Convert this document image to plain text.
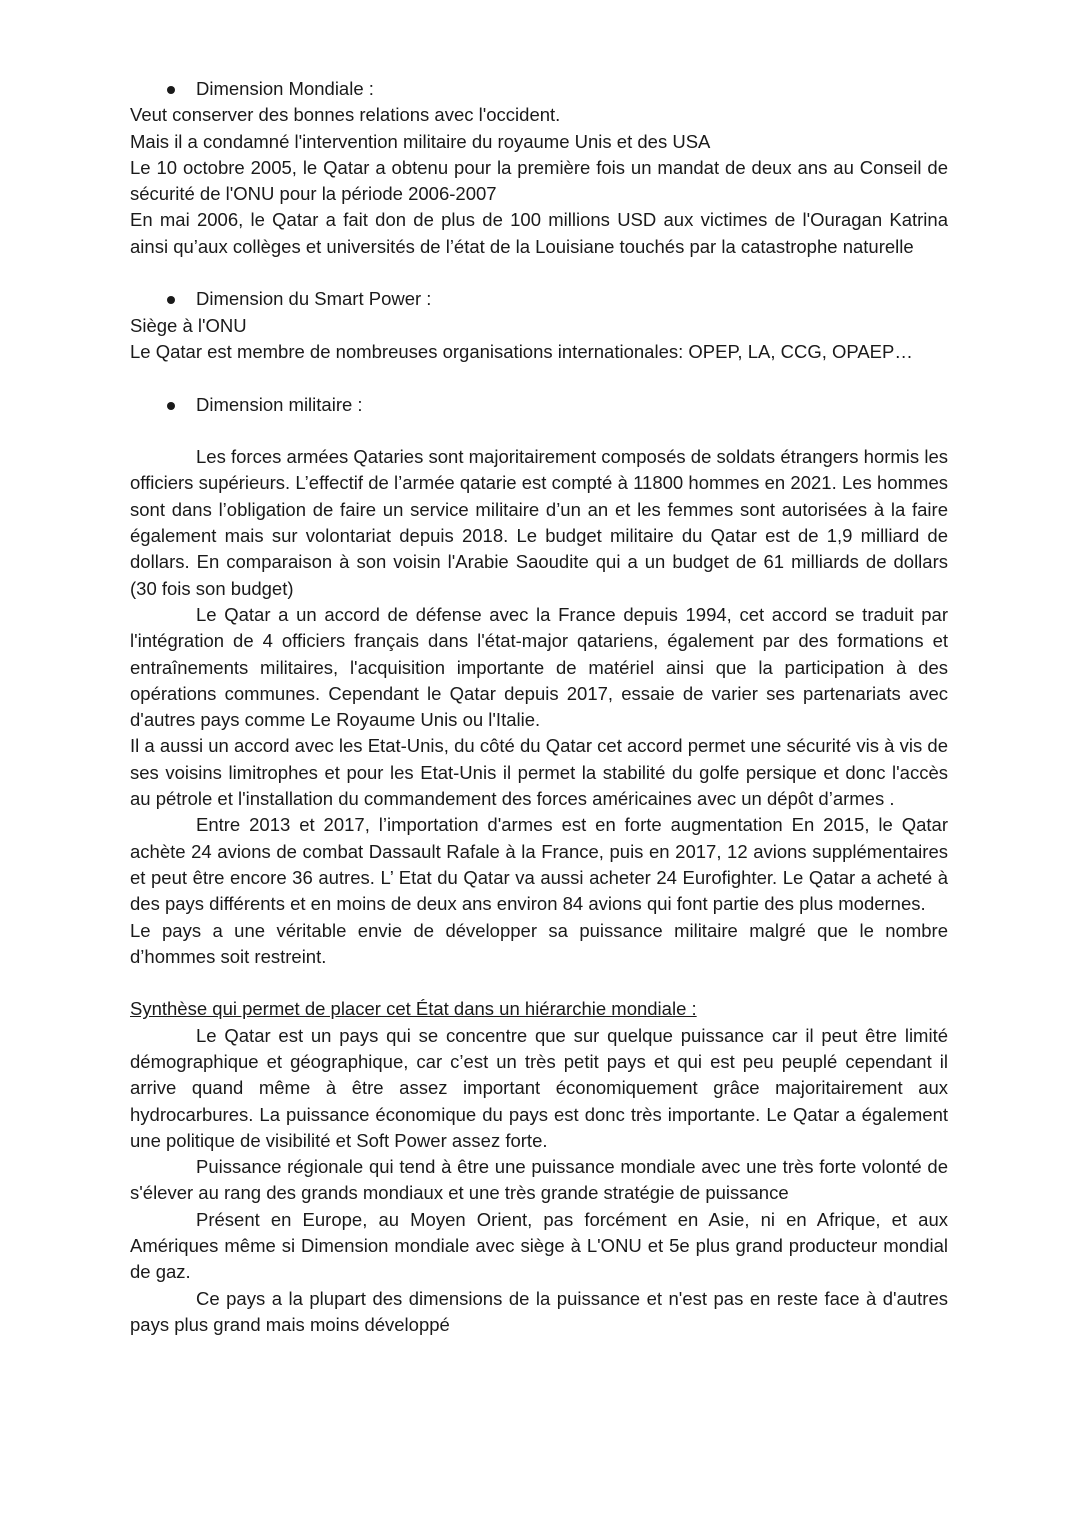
Dimension Mondiale :

Veut conserver des bonnes relations avec l'occident.

Mais il a condamné l'intervention militaire du royaume Unis et des USA

Le 10 octobre 2005, le Qatar a obtenu pour la première fois un mandat de deux ans au Conseil de sécurité de l'ONU pour la période 2006-2007

En mai 2006, le Qatar a fait don de plus de 100 millions USD aux victimes de l'Ouragan Katrina ainsi qu’aux collèges et universités de l’état de la Louisiane touchés par la catastrophe naturelle

Dimension du Smart Power :

Siège à l'ONU

Le Qatar est membre de nombreuses organisations internationales: OPEP, LA, CCG, OPAEP…

Dimension militaire :

Les forces armées Qataries sont majoritairement composés de soldats étrangers hormis les officiers supérieurs. L’effectif de l’armée qatarie est compté à 11800 hommes en 2021. Les hommes sont dans l’obligation de faire un service militaire d’un an et les femmes sont autorisées à la faire également mais sur volontariat depuis 2018. Le budget militaire du Qatar est de 1,9 milliard de dollars. En comparaison à son voisin l'Arabie Saoudite qui a un budget de 61 milliards de dollars (30 fois son budget)

Le Qatar a un accord de défense avec la France depuis 1994, cet accord se traduit par l'intégration de 4 officiers français dans l'état-major qatariens, également par des formations et entraînements militaires, l'acquisition importante de matériel ainsi que la participation à des opérations communes. Cependant le Qatar depuis 2017, essaie de varier ses partenariats avec d'autres pays comme Le Royaume Unis ou l'Italie.

Il a aussi un accord avec les Etat-Unis, du côté du Qatar cet accord permet une sécurité vis à vis de ses voisins limitrophes et pour les Etat-Unis il permet la stabilité du golfe persique et donc l'accès au pétrole et l'installation du commandement des forces américaines avec un dépôt d’armes .

Entre 2013 et 2017, l’importation d'armes est en forte augmentation En 2015, le Qatar achète 24 avions de combat Dassault Rafale à la France, puis en 2017, 12 avions supplémentaires et peut être encore 36 autres. L’ Etat du Qatar va aussi acheter 24 Eurofighter. Le Qatar a acheté à des pays différents et en moins de deux ans environ 84 avions qui font partie des plus modernes.

Le pays a une véritable envie de développer sa puissance militaire malgré que le nombre d’hommes soit restreint.

Synthèse qui permet de placer cet État dans un hiérarchie mondiale :

Le Qatar est un pays qui se concentre que sur quelque puissance car il peut être limité démographique et géographique, car c’est un très petit pays et qui est peu peuplé cependant il arrive quand même à être assez important économiquement grâce majoritairement aux hydrocarbures. La puissance économique du pays est donc très importante. Le Qatar a également une politique de visibilité et Soft Power assez forte.

Puissance régionale qui tend à être une puissance mondiale avec une très forte volonté de s'élever au rang des grands mondiaux et une très grande stratégie de puissance

Présent en Europe, au Moyen Orient, pas forcément en Asie, ni en Afrique, et aux Amériques même si Dimension mondiale avec siège à L'ONU et 5e plus grand producteur mondial de gaz.

Ce pays a la plupart des dimensions de la puissance et n'est pas en reste face à d'autres pays plus grand mais moins développé
